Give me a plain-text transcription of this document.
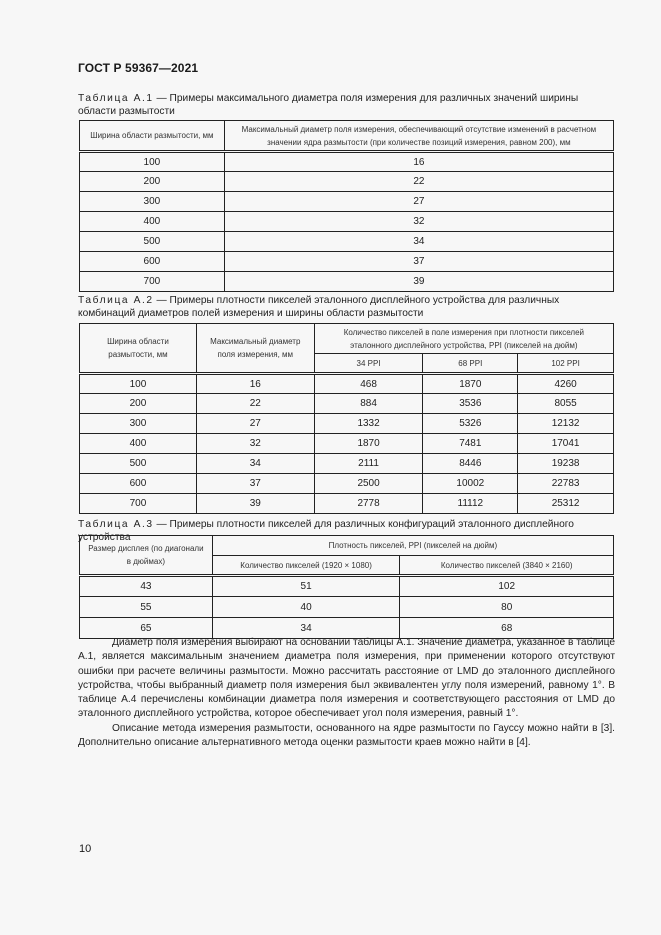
ГОСТ Р 59367—2021
Таблица А.1 — Примеры максимального диаметра поля измерения для различных значений ширины области размытости
Ширина области размытости, мм	Максимальный диаметр поля измерения, обеспечивающий отсутствие изменений в расчетном значении ядра размытости (при количестве позиций измерения, равном 200), мм
100	16
200	22
300	27
400	32
500	34
600	37
700	39
Таблица А.2 — Примеры плотности пикселей эталонного дисплейного устройства для различных комбинаций диаметров полей измерения и ширины области размытости
Ширина области размытости, мм	Максимальный диаметр поля измерения, мм	Количество пикселей в поле измерения при плотности пикселей эталонного дисплейного устройства, PPI (пикселей на дюйм)		
		34 PPI	68 PPI	102 PPI
100	16	468	1870	4260
200	22	884	3536	8055
300	27	1332	5326	12132
400	32	1870	7481	17041
500	34	2111	8446	19238
600	37	2500	10002	22783
700	39	2778	11112	25312
Таблица А.3 — Примеры плотности пикселей для различных конфигураций эталонного дисплейного устройства
Размер дисплея (по диагонали в дюймах)	Плотность пикселей, PPI (пикселей на дюйм)	
	Количество пикселей (1920 × 1080)	Количество пикселей (3840 × 2160)
43	51	102
55	40	80
65	34	68

Диаметр поля измерения выбирают на основании таблицы А.1. Значение диаметра, указанное в таблице А.1, является максимальным значением диаметра поля измерения, при применении которого отсутствуют ошибки при расчете величины размытости. Можно рассчитать расстояние от LMD до эталонного дисплейного устройства, чтобы выбранный диаметр поля измерения был эквивалентен углу поля измерений, равному 1°. В таблице А.4 перечислены комбинации диаметра поля измерения и соответствующего расстояния от LMD до эталонного дисплейного устройства, которое обеспечивает угол поля измерения, равный 1°.

Описание метода измерения размытости, основанного на ядре размытости по Гауссу можно найти в [3]. Дополнительно описание альтернативного метода оценки размытости краев можно найти в [4].

10
